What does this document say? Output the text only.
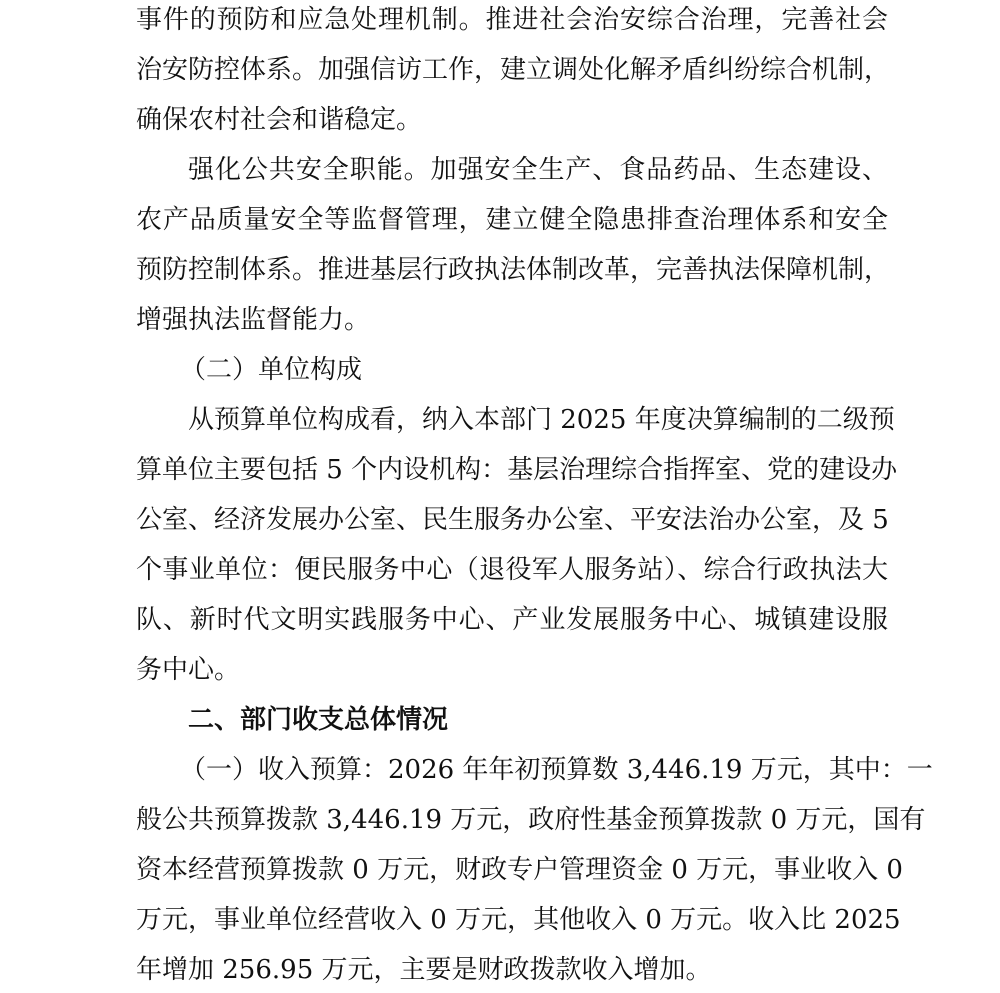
事件的预防和应急处理机制。推进社会治安综合治理，完善社会
治安防控体系。加强信访工作，建立调处化解矛盾纠纷综合机制，
确保农村社会和谐稳定。
强化公共安全职能。加强安全生产、食品药品、生态建设、
农产品质量安全等监督管理，建立健全隐患排查治理体系和安全
预防控制体系。推进基层行政执法体制改革，完善执法保障机制，
增强执法监督能力。
（二）单位构成
从预算单位构成看，纳入本部门 2025 年度决算编制的二级预
算单位主要包括 5 个内设机构：基层治理综合指挥室、党的建设办
公室、经济发展办公室、民生服务办公室、平安法治办公室，及 5
个事业单位：便民服务中心（退役军人服务站）、综合行政执法大
队、新时代文明实践服务中心、产业发展服务中心、城镇建设服
务中心。
二、部门收支总体情况
（一）收入预算：2026 年年初预算数 3,446.19 万元，其中：一
般公共预算拨款 3,446.19 万元，政府性基金预算拨款 0 万元，国有
资本经营预算拨款 0 万元，财政专户管理资金 0 万元，事业收入 0
万元，事业单位经营收入 0 万元，其他收入 0 万元。收入比 2025
年增加 256.95 万元，主要是财政拨款收入增加。
